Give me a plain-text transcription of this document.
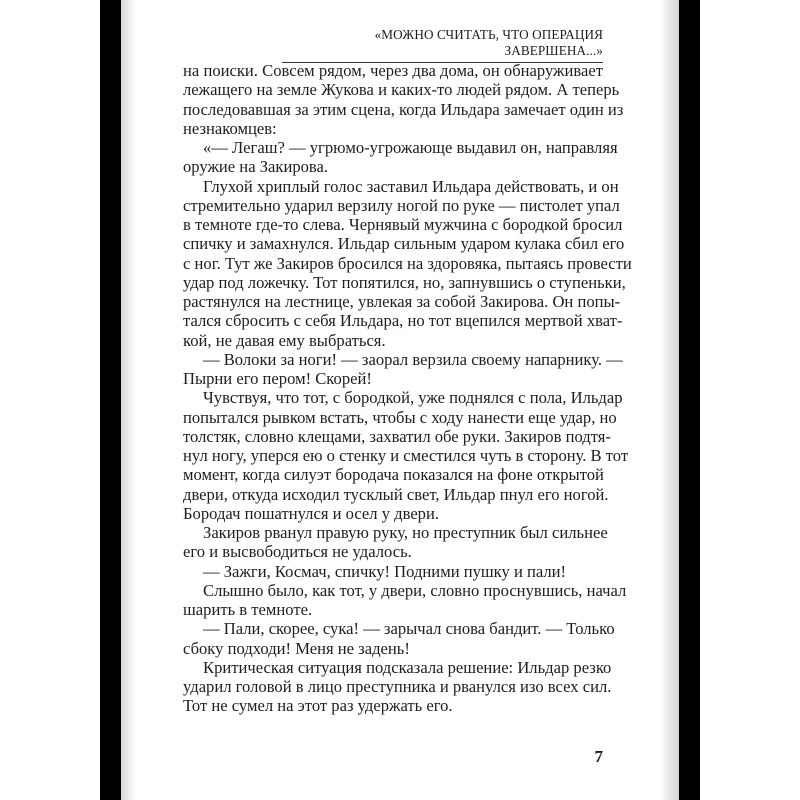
«МОЖНО СЧИТАТЬ, ЧТО ОПЕРАЦИЯ ЗАВЕРШЕНА...»
на поиски. Совсем рядом, через два дома, он обнаруживает
лежащего на земле Жукова и каких-то людей рядом. А теперь
последовавшая за этим сцена, когда Ильдара замечает один из
незнакомцев:
«— Легаш? — угрюмо-угрожающе выдавил он, направляя
оружие на Закирова.
Глухой хриплый голос заставил Ильдара действовать, и он
стремительно ударил верзилу ногой по руке — пистолет упал
в темноте где-то слева. Чернявый мужчина с бородкой бросил
спичку и замахнулся. Ильдар сильным ударом кулака сбил его
с ног. Тут же Закиров бросился на здоровяка, пытаясь провести
удар под ложечку. Тот попятился, но, запнувшись о ступеньки,
растянулся на лестнице, увлекая за собой Закирова. Он попы-
тался сбросить с себя Ильдара, но тот вцепился мертвой хват-
кой, не давая ему выбраться.
— Волоки за ноги! — заорал верзила своему напарнику. —
Пырни его пером! Скорей!
Чувствуя, что тот, с бородкой, уже поднялся с пола, Ильдар
попытался рывком встать, чтобы с ходу нанести еще удар, но
толстяк, словно клещами, захватил обе руки. Закиров подтя-
нул ногу, уперся ею о стенку и сместился чуть в сторону. В тот
момент, когда силуэт бородача показался на фоне открытой
двери, откуда исходил тусклый свет, Ильдар пнул его ногой.
Бородач пошатнулся и осел у двери.
Закиров рванул правую руку, но преступник был сильнее
его и высвободиться не удалось.
— Зажги, Космач, спичку! Подними пушку и пали!
Слышно было, как тот, у двери, словно проснувшись, начал
шарить в темноте.
— Пали, скорее, сука! — зарычал снова бандит. — Только
сбоку подходи! Меня не задень!
Критическая ситуация подсказала решение: Ильдар резко
ударил головой в лицо преступника и рванулся изо всех сил.
Тот не сумел на этот раз удержать его.
7
